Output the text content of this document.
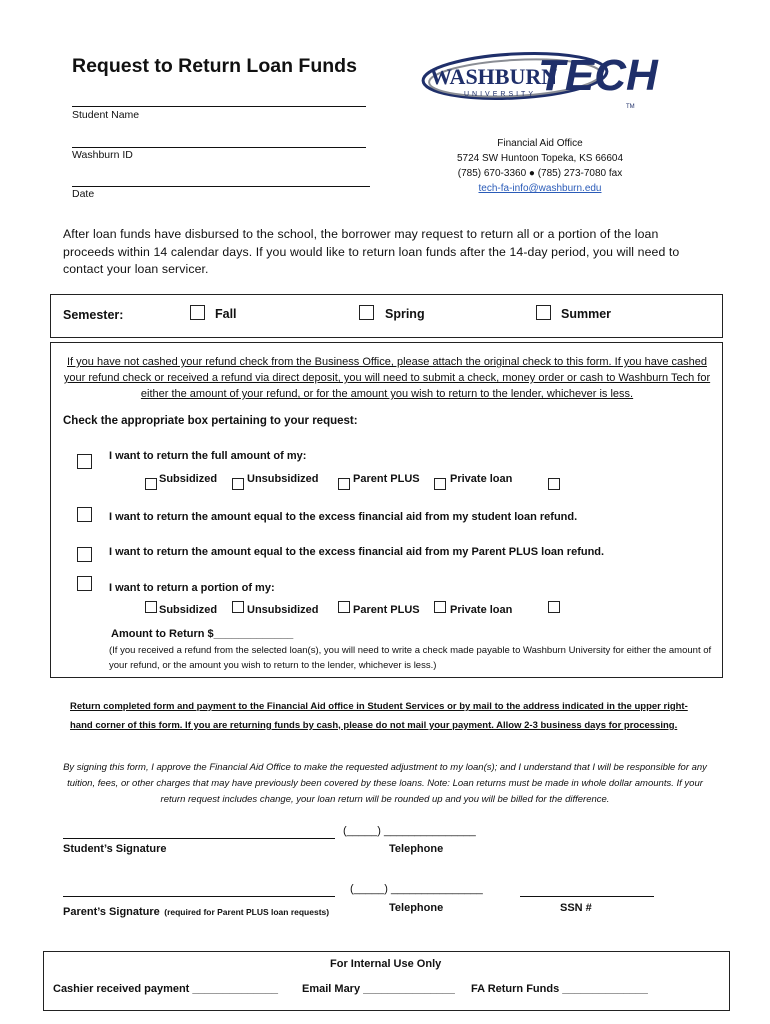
Request to Return Loan Funds
Student Name
Washburn ID
Date
WASHBURN
UNIVERSITY TECH
TM
Financial Aid Office
5724 SW Huntoon Topeka, KS 66604
(785) 670-3360 ● (785) 273-7080 fax
tech-fa-info@washburn.edu
After loan funds have disbursed to the school, the borrower may request to return all or a portion of the loan proceeds within 14 calendar days. If you would like to return loan funds after the 14-day period, you will need to contact your loan servicer.
Semester:	Fall	Spring	Summer
If you have not cashed your refund check from the Business Office, please attach the original check to this form. If you have cashed your refund check or received a refund via direct deposit, you will need to submit a check, money order or cash to Washburn Tech for either the amount of your refund, or for the amount you wish to return to the lender, whichever is less.
Check the appropriate box pertaining to your request:
I want to return the full amount of my:
Subsidized	Unsubsidized	Parent PLUS	Private loan
I want to return the amount equal to the excess financial aid from my student loan refund.
I want to return the amount equal to the excess financial aid from my Parent PLUS loan refund.
I want to return a portion of my:
Subsidized	Unsubsidized	Parent PLUS	Private loan
Amount to Return $_____________
(If you received a refund from the selected loan(s), you will need to write a check made payable to Washburn University for either the amount of your refund, or the amount you wish to return to the lender, whichever is less.)
Return completed form and payment to the Financial Aid office in Student Services or by mail to the address indicated in the upper right-hand corner of this form. If you are returning funds by cash, please do not mail your payment. Allow 2-3 business days for processing.
By signing this form, I approve the Financial Aid Office to make the requested adjustment to my loan(s); and I understand that I will be responsible for any tuition, fees, or other charges that may have previously been covered by these loans. Note: Loan returns must be made in whole dollar amounts. If your return request includes change, your loan return will be rounded up and you will be billed for the difference.
Student’s Signature
(_____) _______________
Telephone
Parent’s Signature (required for Parent PLUS loan requests)
(_____) _______________
Telephone	SSN #
For Internal Use Only
Cashier received payment ______________ Email Mary _______________ FA Return Funds ______________
